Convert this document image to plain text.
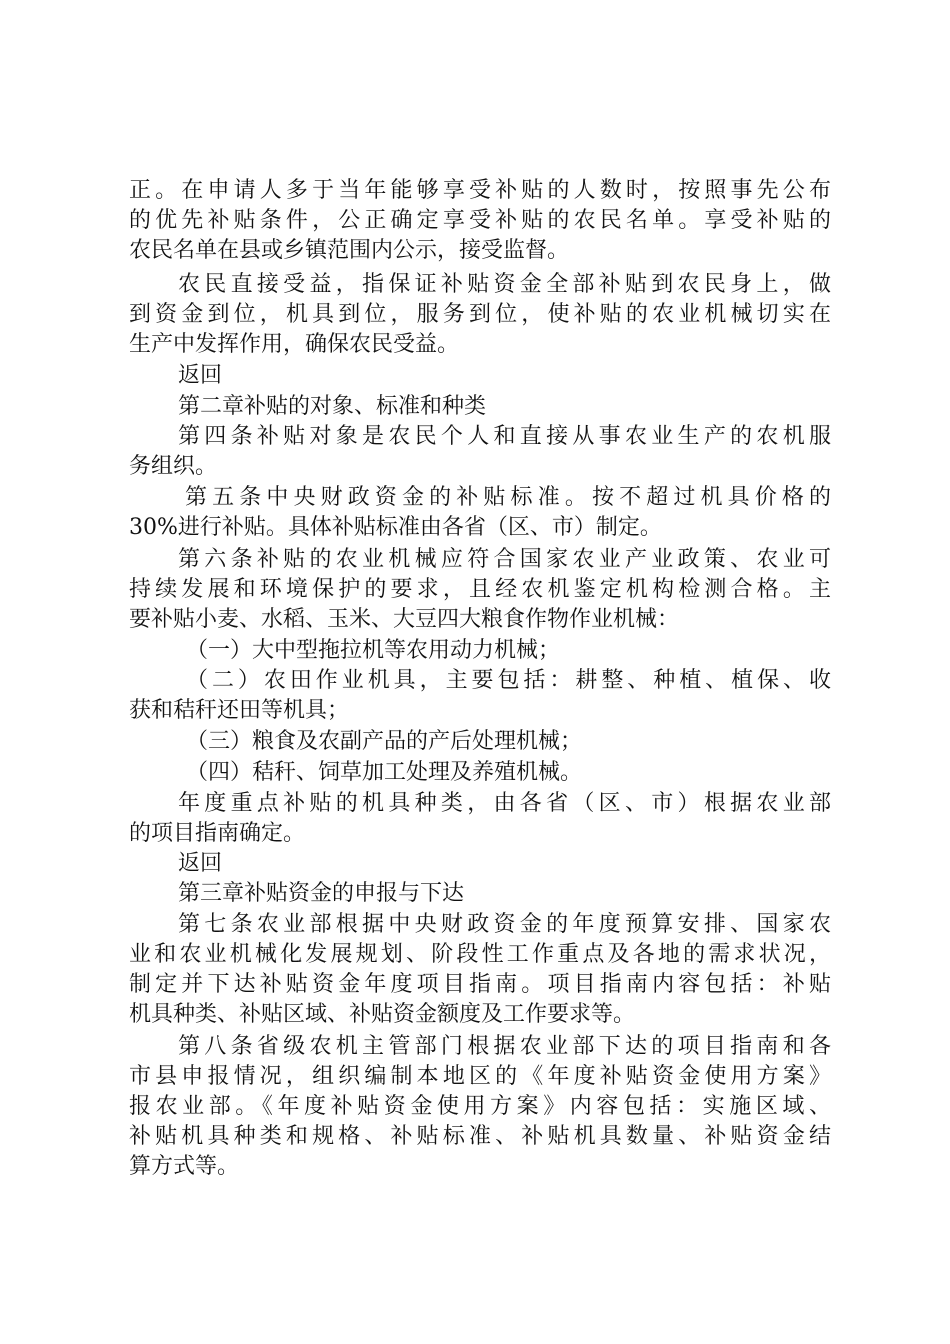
正。在申请人多于当年能够享受补贴的人数时，按照事先公布
的优先补贴条件，公正确定享受补贴的农民名单。享受补贴的
农民名单在县或乡镇范围内公示，接受监督。
农民直接受益，指保证补贴资金全部补贴到农民身上，做
到资金到位，机具到位，服务到位，使补贴的农业机械切实在
生产中发挥作用，确保农民受益。
返回
第二章补贴的对象、标准和种类
第四条补贴对象是农民个人和直接从事农业生产的农机服
务组织。
第五条中央财政资金的补贴标准。按不超过机具价格的
30%进行补贴。具体补贴标准由各省（区、市）制定。
第六条补贴的农业机械应符合国家农业产业政策、农业可
持续发展和环境保护的要求，且经农机鉴定机构检测合格。主
要补贴小麦、水稻、玉米、大豆四大粮食作物作业机械：
（一）大中型拖拉机等农用动力机械；
（二）农田作业机具，主要包括：耕整、种植、植保、收
获和秸秆还田等机具；
（三）粮食及农副产品的产后处理机械；
（四）秸秆、饲草加工处理及养殖机械。
年度重点补贴的机具种类，由各省（区、市）根据农业部
的项目指南确定。
返回
第三章补贴资金的申报与下达
第七条农业部根据中央财政资金的年度预算安排、国家农
业和农业机械化发展规划、阶段性工作重点及各地的需求状况，
制定并下达补贴资金年度项目指南。项目指南内容包括：补贴
机具种类、补贴区域、补贴资金额度及工作要求等。
第八条省级农机主管部门根据农业部下达的项目指南和各
市县申报情况，组织编制本地区的《年度补贴资金使用方案》
报农业部。《年度补贴资金使用方案》内容包括：实施区域、
补贴机具种类和规格、补贴标准、补贴机具数量、补贴资金结
算方式等。
